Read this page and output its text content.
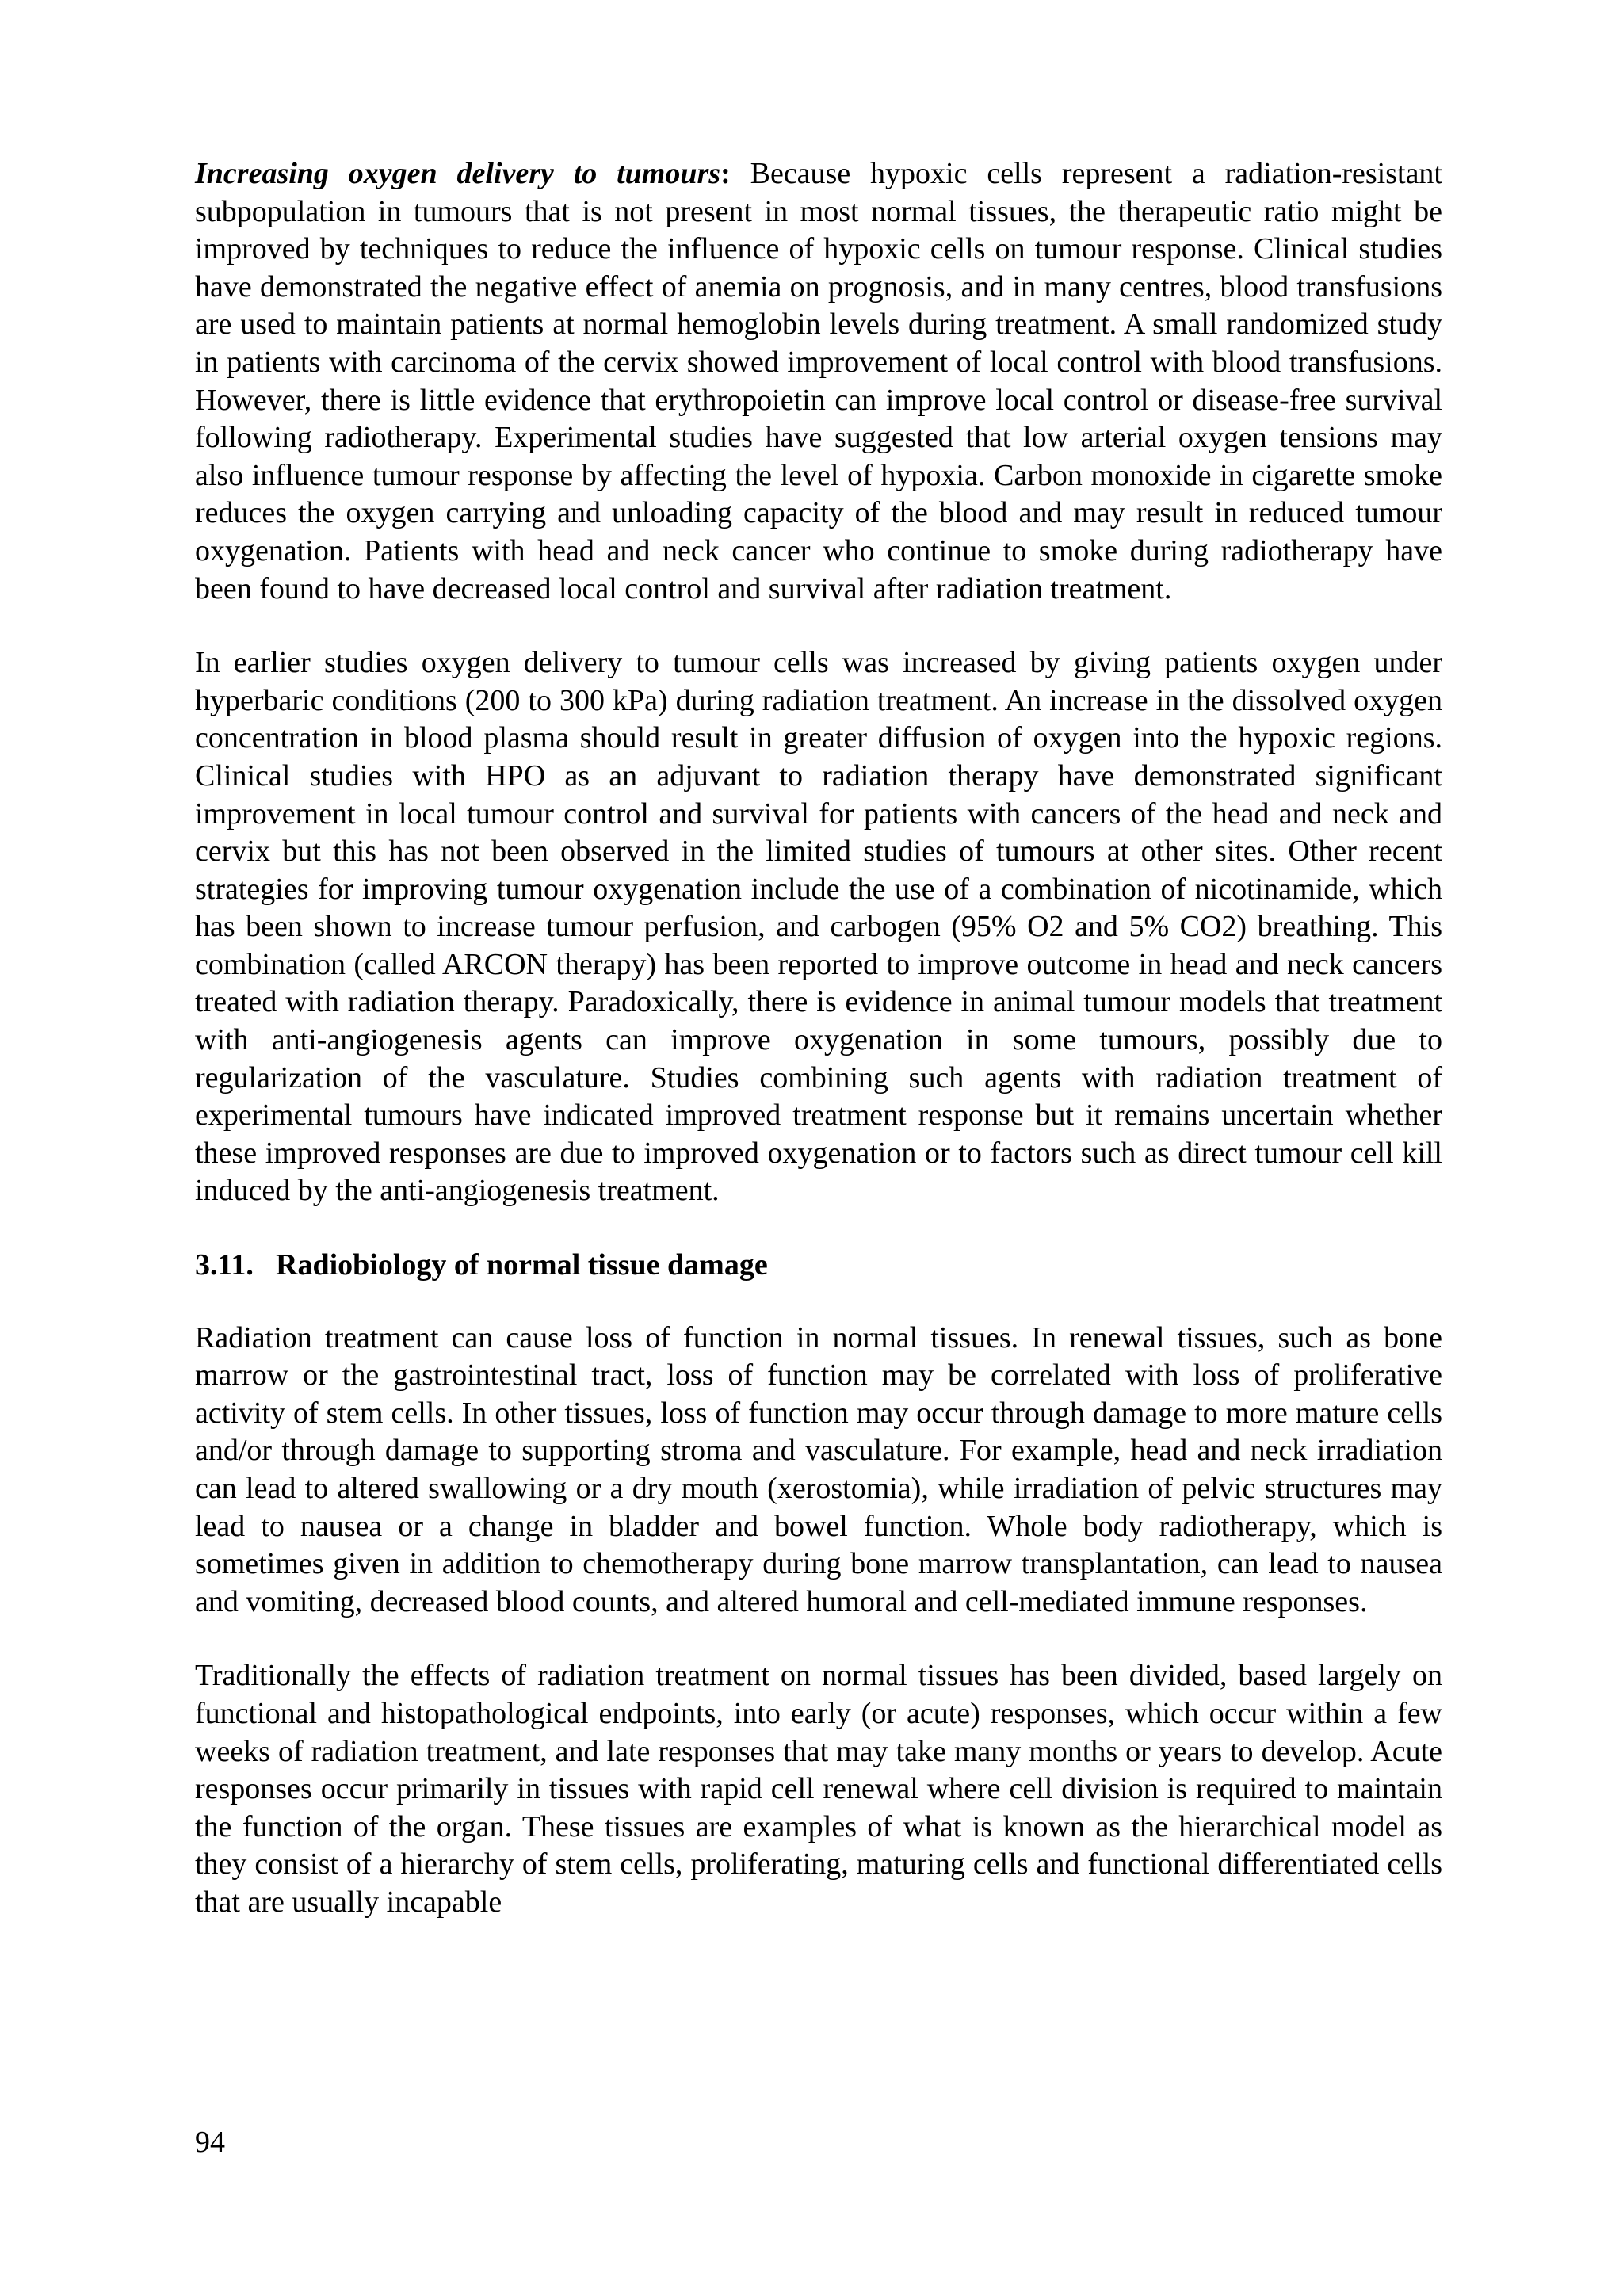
Increasing oxygen delivery to tumours: Because hypoxic cells represent a radiation-resistant subpopulation in tumours that is not present in most normal tissues, the therapeutic ratio might be improved by techniques to reduce the influence of hypoxic cells on tumour response. Clinical studies have demonstrated the negative effect of anemia on prognosis, and in many centres, blood transfusions are used to maintain patients at normal hemoglobin levels during treatment. A small randomized study in patients with carcinoma of the cervix showed improvement of local control with blood transfusions. However, there is little evidence that erythropoietin can improve local control or disease-free survival following radiotherapy. Experimental studies have suggested that low arterial oxygen tensions may also influence tumour response by affecting the level of hypoxia. Carbon monoxide in cigarette smoke reduces the oxygen carrying and unloading capacity of the blood and may result in reduced tumour oxygenation. Patients with head and neck cancer who continue to smoke during radiotherapy have been found to have decreased local control and survival after radiation treatment.

In earlier studies oxygen delivery to tumour cells was increased by giving patients oxygen under hyperbaric conditions (200 to 300 kPa) during radiation treatment. An increase in the dissolved oxygen concentration in blood plasma should result in greater diffusion of oxygen into the hypoxic regions. Clinical studies with HPO as an adjuvant to radiation therapy have demonstrated significant improvement in local tumour control and survival for patients with cancers of the head and neck and cervix but this has not been observed in the limited studies of tumours at other sites. Other recent strategies for improving tumour oxygenation include the use of a combination of nicotinamide, which has been shown to increase tumour perfusion, and carbogen (95% O2 and 5% CO2) breathing. This combination (called ARCON therapy) has been reported to improve outcome in head and neck cancers treated with radiation therapy. Paradoxically, there is evidence in animal tumour models that treatment with anti-angiogenesis agents can improve oxygenation in some tumours, possibly due to regularization of the vasculature. Studies combining such agents with radiation treatment of experimental tumours have indicated improved treatment response but it remains uncertain whether these improved responses are due to improved oxygenation or to factors such as direct tumour cell kill induced by the anti-angiogenesis treatment.

3.11. Radiobiology of normal tissue damage

Radiation treatment can cause loss of function in normal tissues. In renewal tissues, such as bone marrow or the gastrointestinal tract, loss of function may be correlated with loss of proliferative activity of stem cells. In other tissues, loss of function may occur through damage to more mature cells and/or through damage to supporting stroma and vasculature. For example, head and neck irradiation can lead to altered swallowing or a dry mouth (xerostomia), while irradiation of pelvic structures may lead to nausea or a change in bladder and bowel function. Whole body radiotherapy, which is sometimes given in addition to chemotherapy during bone marrow transplantation, can lead to nausea and vomiting, decreased blood counts, and altered humoral and cell-mediated immune responses.

Traditionally the effects of radiation treatment on normal tissues has been divided, based largely on functional and histopathological endpoints, into early (or acute) responses, which occur within a few weeks of radiation treatment, and late responses that may take many months or years to develop. Acute responses occur primarily in tissues with rapid cell renewal where cell division is required to maintain the function of the organ. These tissues are examples of what is known as the hierarchical model as they consist of a hierarchy of stem cells, proliferating, maturing cells and functional differentiated cells that are usually incapable

94
